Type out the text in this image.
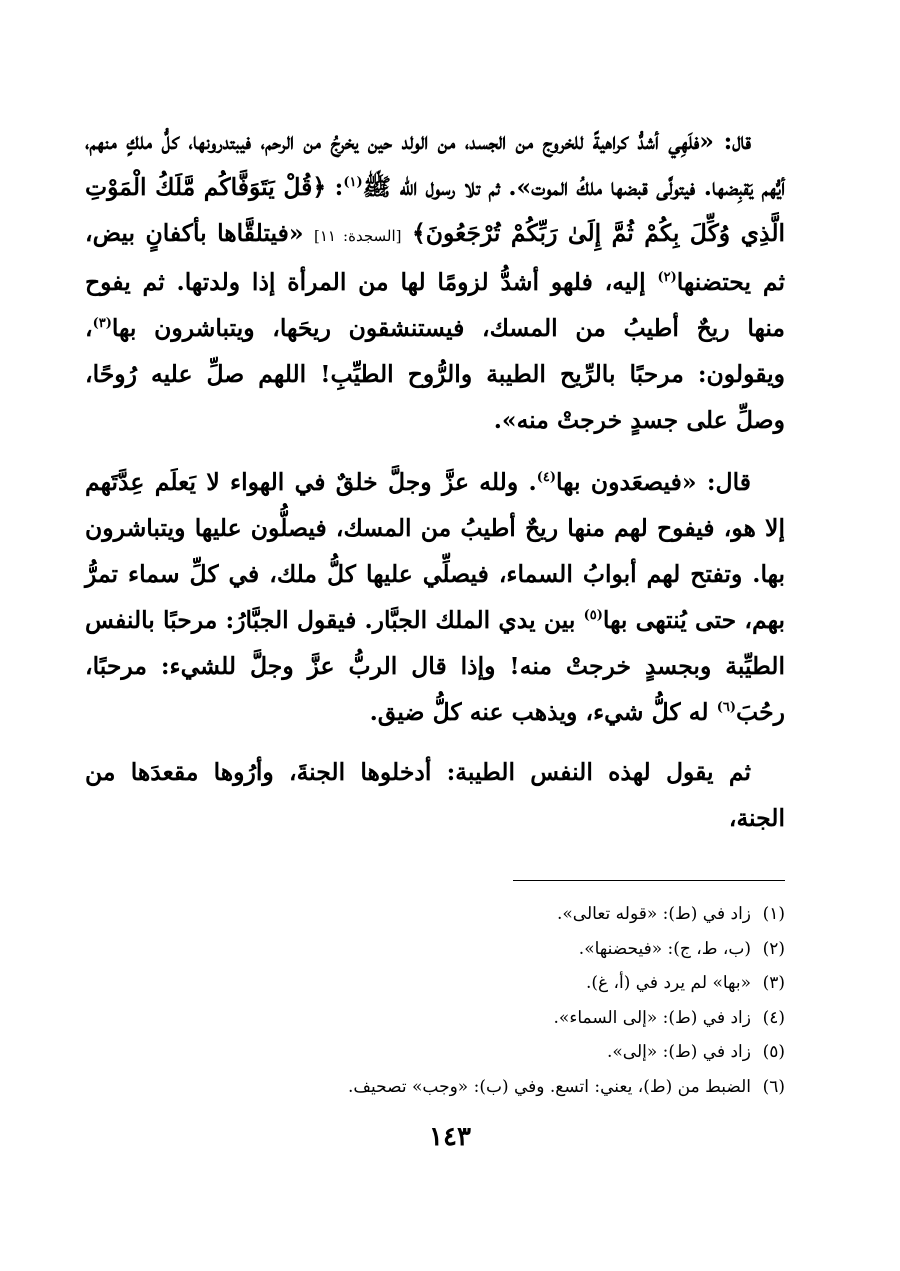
قال: «فلَهِي أشدُّ كراهيةً للخروج من الجسد، من الولد حين يخرجُ من الرحم، فيبتدرونها، كلُّ ملكٍ منهم، أيُّهم يَقبِضها. فيتولَّى قبضها ملكُ الموت». ثم تلا رسول الله ﷺ$^{(١)}$: ﴿قُلْ يَتَوَفَّاكُم مَّلَكُ الْمَوْتِ الَّذِي وُكِّلَ بِكُمْ ثُمَّ إِلَىٰ رَبِّكُمْ تُرْجَعُونَ﴾ [السجدة: ١١] «فيتلقَّاها بأكفانٍ بيض، ثم يحتضنها$^{(٢)}$ إليه، فلهو أشدُّ لزومًا لها من المرأة إذا ولدتها. ثم يفوح منها ريحٌ أطيبُ من المسك، فيستنشقون ريحَها، ويتباشرون بها$^{(٣)}$، ويقولون: مرحبًا بالرِّيح الطيبة والرُّوح الطيِّبِ! اللهم صلِّ عليه رُوحًا، وصلِّ على جسدٍ خرجتْ منه».

قال: «فيصعَدون بها$^{(٤)}$. ولله عزَّ وجلَّ خلقٌ في الهواء لا يَعلَم عِدَّتَهم إلا هو، فيفوح لهم منها ريحٌ أطيبُ من المسك، فيصلُّون عليها ويتباشرون بها. وتفتح لهم أبوابُ السماء، فيصلِّي عليها كلُّ ملك، في كلِّ سماء تمرُّ بهم، حتى يُنتهى بها$^{(٥)}$ بين يدي الملك الجبَّار. فيقول الجبَّارُ: مرحبًا بالنفس الطيِّبة وبجسدٍ خرجتْ منه! وإذا قال الربُّ عزَّ وجلَّ للشيء: مرحبًا، رحُبَ$^{(٦)}$ له كلُّ شيء، ويذهب عنه كلُّ ضيق.

ثم يقول لهذه النفس الطيبة: أدخلوها الجنةَ، وأرُوها مقعدَها من الجنة،

(١)زاد في (ط): «قوله تعالى».
(٢)(ب، ط، ج): «فيحضنها».
(٣)«بها» لم يرد في (أ، غ).
(٤)زاد في (ط): «إلى السماء».
(٥)زاد في (ط): «إلى».
(٦)الضبط من (ط)، يعني: اتسع. وفي (ب): «وجب» تصحيف.
١٤٣
